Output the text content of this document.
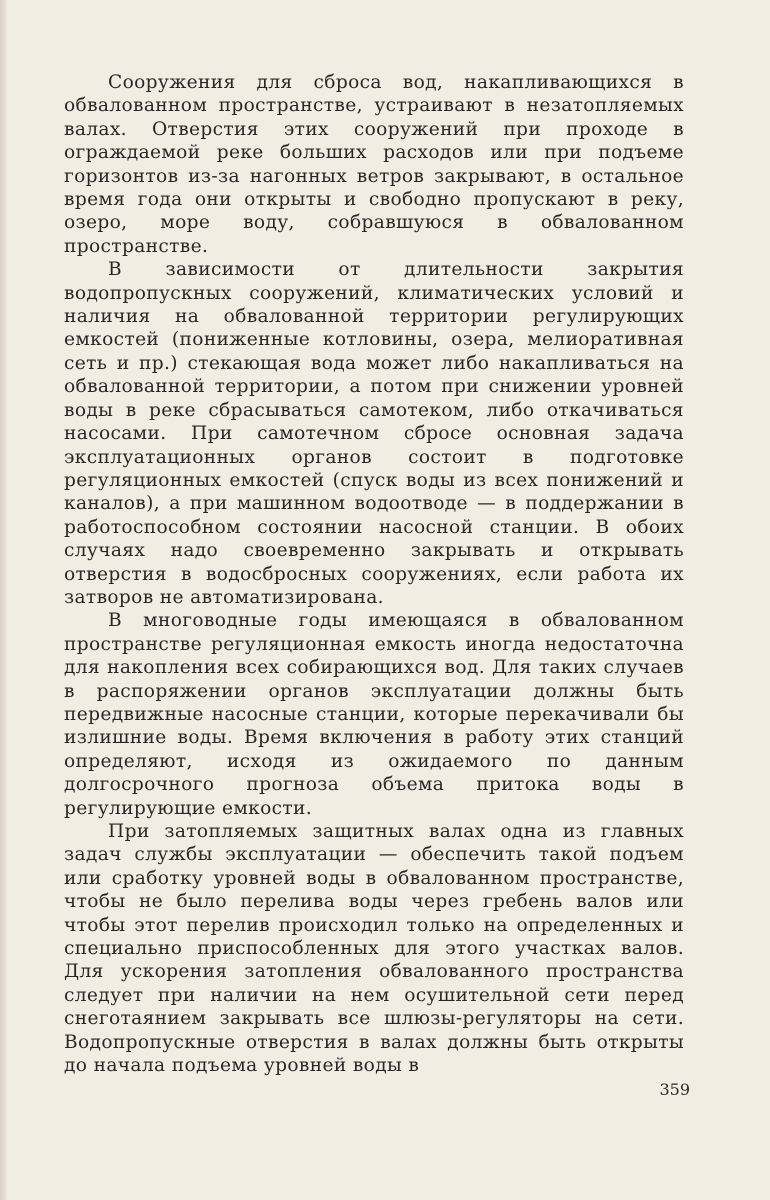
Сооружения для сброса вод, накапливающихся в обвалованном пространстве, устраивают в незатопляемых валах. Отверстия этих сооружений при проходе в ограждаемой реке больших расходов или при подъеме горизонтов из-за нагонных ветров закрывают, в остальное время года они открыты и свободно пропускают в реку, озеро, море воду, собравшуюся в обвалованном пространстве.

В зависимости от длительности закрытия водопропускных сооружений, климатических условий и наличия на обвалованной территории регулирующих емкостей (пониженные котловины, озера, мелиоративная сеть и пр.) стекающая вода может либо накапливаться на обвалованной территории, а потом при снижении уровней воды в реке сбрасываться самотеком, либо откачиваться насосами. При самотечном сбросе основная задача эксплуатационных органов состоит в подготовке регуляционных емкостей (спуск воды из всех понижений и каналов), а при машинном водоотводе — в поддержании в работоспособном состоянии насосной станции. В обоих случаях надо своевременно закрывать и открывать отверстия в водосбросных сооружениях, если работа их затворов не автоматизирована.

В многоводные годы имеющаяся в обвалованном пространстве регуляционная емкость иногда недостаточна для накопления всех собирающихся вод. Для таких случаев в распоряжении органов эксплуатации должны быть передвижные насосные станции, которые перекачивали бы излишние воды. Время включения в работу этих станций определяют, исходя из ожидаемого по данным долгосрочного прогноза объема притока воды в регулирующие емкости.

При затопляемых защитных валах одна из главных задач службы эксплуатации — обеспечить такой подъем или сработку уровней воды в обвалованном пространстве, чтобы не было перелива воды через гребень валов или чтобы этот перелив происходил только на определенных и специально приспособленных для этого участках валов. Для ускорения затопления обвалованного пространства следует при наличии на нем осушительной сети перед снеготаянием закрывать все шлюзы-регуляторы на сети. Водопропускные отверстия в валах должны быть открыты до начала подъема уровней воды в

359
